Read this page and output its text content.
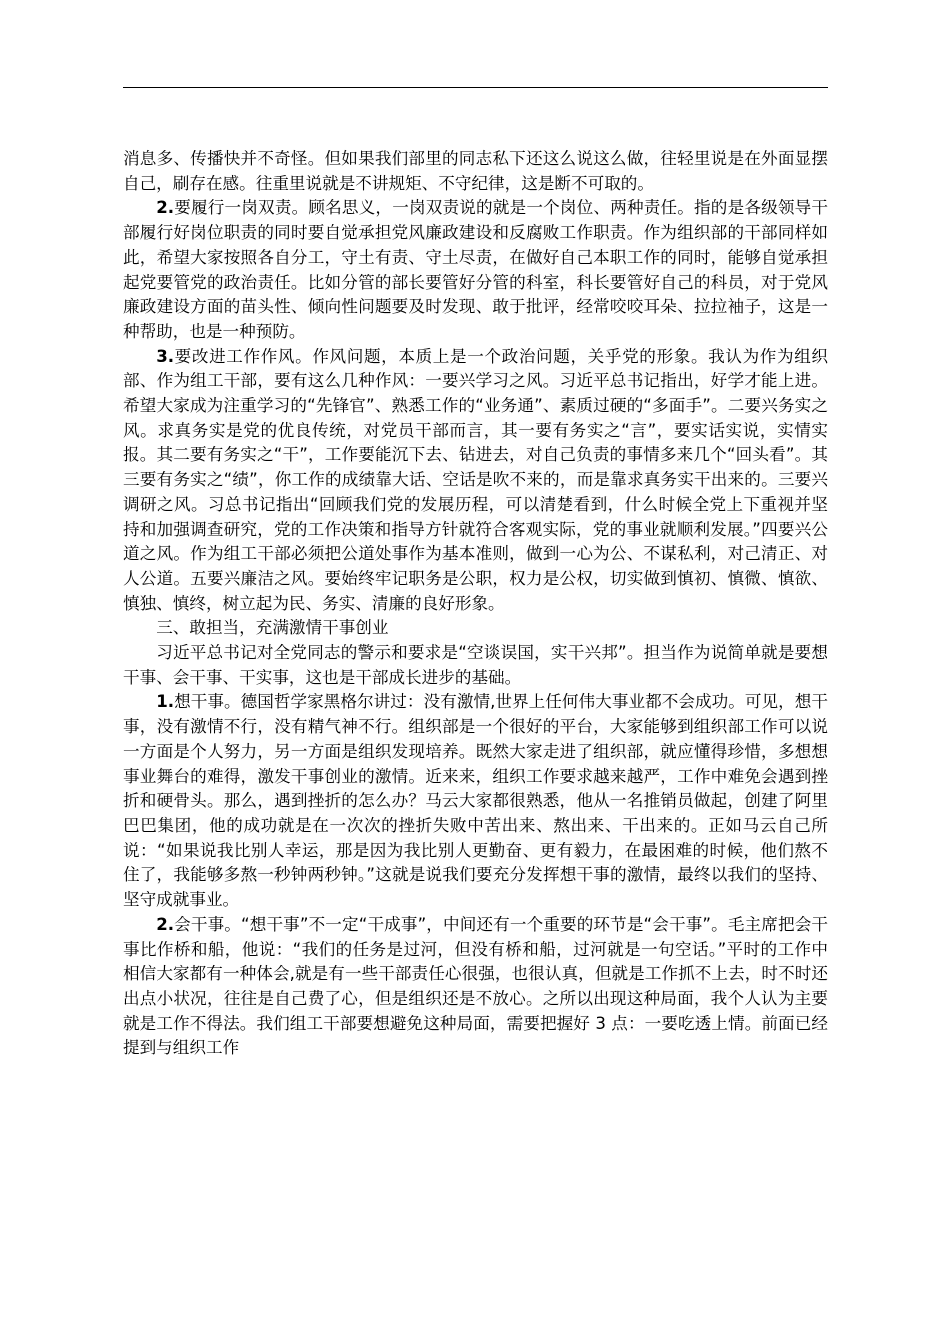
消息多、传播快并不奇怪。但如果我们部里的同志私下还这么说这么做，往轻里说是在外面显摆自己，刷存在感。往重里说就是不讲规矩、不守纪律，这是断不可取的。

2.要履行一岗双责。顾名思义，一岗双责说的就是一个岗位、两种责任。指的是各级领导干部履行好岗位职责的同时要自觉承担党风廉政建设和反腐败工作职责。作为组织部的干部同样如此，希望大家按照各自分工，守土有责、守土尽责，在做好自己本职工作的同时，能够自觉承担起党要管党的政治责任。比如分管的部长要管好分管的科室，科长要管好自己的科员，对于党风廉政建设方面的苗头性、倾向性问题要及时发现、敢于批评，经常咬咬耳朵、拉拉袖子，这是一种帮助，也是一种预防。

3.要改进工作作风。作风问题，本质上是一个政治问题，关乎党的形象。我认为作为组织部、作为组工干部，要有这么几种作风：一要兴学习之风。习近平总书记指出，好学才能上进。希望大家成为注重学习的“先锋官”、熟悉工作的“业务通”、素质过硬的“多面手”。二要兴务实之风。求真务实是党的优良传统，对党员干部而言，其一要有务实之“言”，要实话实说，实情实报。其二要有务实之“干”，工作要能沉下去、钻进去，对自己负责的事情多来几个“回头看”。其三要有务实之“绩”，你工作的成绩靠大话、空话是吹不来的，而是靠求真务实干出来的。三要兴调研之风。习总书记指出“回顾我们党的发展历程，可以清楚看到，什么时候全党上下重视并坚持和加强调查研究，党的工作决策和指导方针就符合客观实际，党的事业就顺利发展。”四要兴公道之风。作为组工干部必须把公道处事作为基本准则，做到一心为公、不谋私利，对己清正、对人公道。五要兴廉洁之风。要始终牢记职务是公职，权力是公权，切实做到慎初、慎微、慎欲、慎独、慎终，树立起为民、务实、清廉的良好形象。

三、敢担当，充满激情干事创业

习近平总书记对全党同志的警示和要求是“空谈误国，实干兴邦”。担当作为说简单就是要想干事、会干事、干实事，这也是干部成长进步的基础。

1.想干事。德国哲学家黑格尔讲过：没有激情,世界上任何伟大事业都不会成功。可见，想干事，没有激情不行，没有精气神不行。组织部是一个很好的平台，大家能够到组织部工作可以说一方面是个人努力，另一方面是组织发现培养。既然大家走进了组织部，就应懂得珍惜，多想想事业舞台的难得，激发干事创业的激情。近来来，组织工作要求越来越严，工作中难免会遇到挫折和硬骨头。那么，遇到挫折的怎么办？马云大家都很熟悉，他从一名推销员做起，创建了阿里巴巴集团，他的成功就是在一次次的挫折失败中苦出来、熬出来、干出来的。正如马云自己所说：“如果说我比别人幸运，那是因为我比别人更勤奋、更有毅力，在最困难的时候，他们熬不住了，我能够多熬一秒钟两秒钟。”这就是说我们要充分发挥想干事的激情，最终以我们的坚持、坚守成就事业。

2.会干事。“想干事”不一定“干成事”，中间还有一个重要的环节是“会干事”。毛主席把会干事比作桥和船，他说：“我们的任务是过河，但没有桥和船，过河就是一句空话。”平时的工作中相信大家都有一种体会,就是有一些干部责任心很强，也很认真，但就是工作抓不上去，时不时还出点小状况，往往是自己费了心，但是组织还是不放心。之所以出现这种局面，我个人认为主要就是工作不得法。我们组工干部要想避免这种局面，需要把握好 3 点：一要吃透上情。前面已经提到与组织工作
